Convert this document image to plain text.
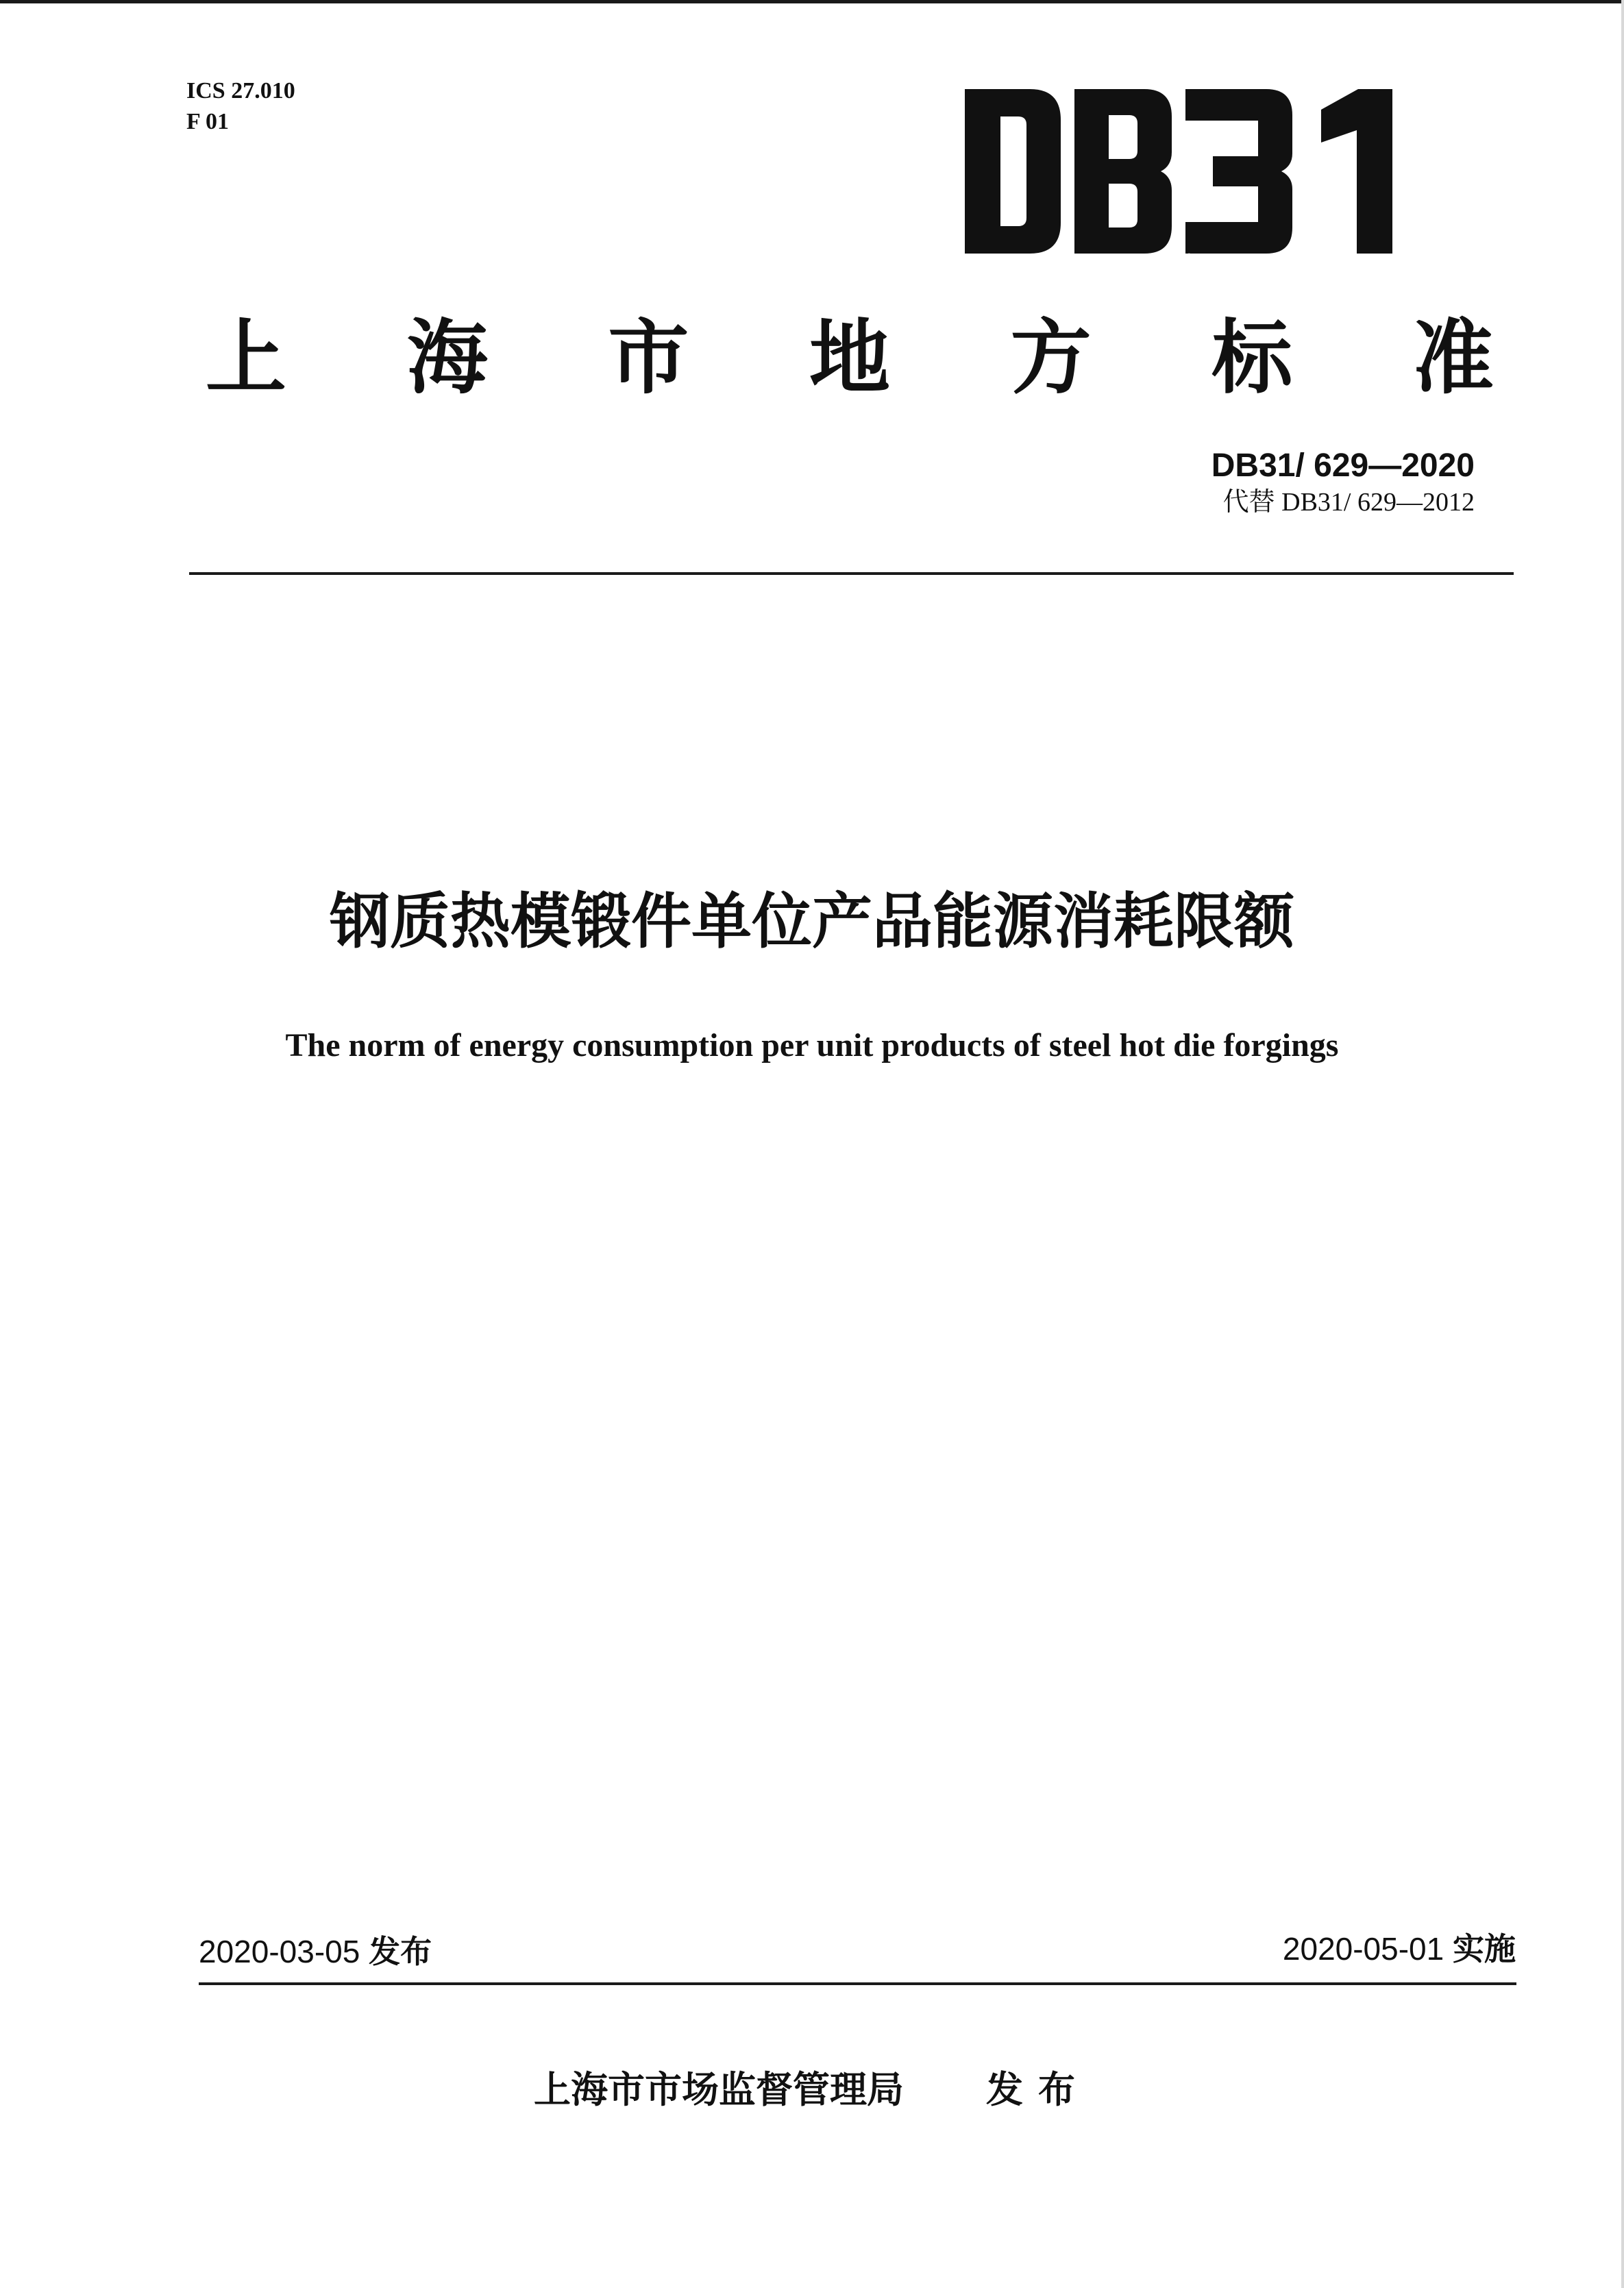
ICS 27.010
F 01
DB31
上 海 市 地 方 标 准
DB31/ 629—2020
代替 DB31/ 629—2012
钢质热模锻件单位产品能源消耗限额
The norm of energy consumption per unit products of steel hot die forgings
2020-03-05 发布	2020-05-01 实施
上海市市场监督管理局 发布
